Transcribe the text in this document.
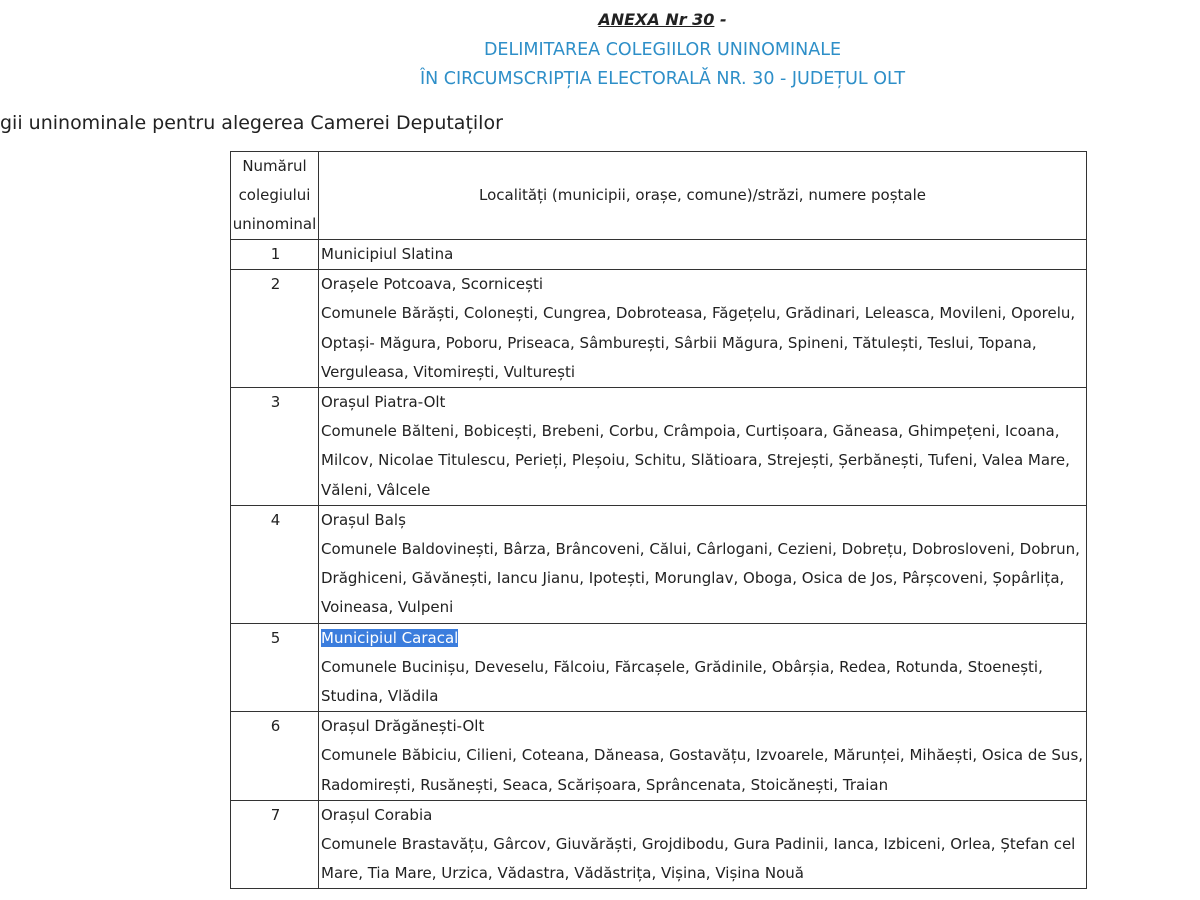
ANEXA Nr 30 -
DELIMITAREA COLEGIILOR UNINOMINALE
ÎN CIRCUMSCRIPȚIA ELECTORALĂ NR. 30 - JUDEȚUL OLT
gii uninominale pentru alegerea Camerei Deputaților
Numărul
colegiului
uninominal	Localități (municipii, orașe, comune)/străzi, numere poștale
1	Municipiul Slatina

2	Orașele Potcoava, Scornicești
Comunele Bărăști, Colonești, Cungrea, Dobroteasa, Făgețelu, Grădinari, Leleasca, Movileni, Oporelu, Optași- Măgura, Poboru, Priseaca, Sâmburești, Sârbii Măgura, Spineni, Tătulești, Teslui, Topana, Verguleasa, Vitomirești, Vulturești
3	Orașul Piatra-Olt
Comunele Bălteni, Bobicești, Brebeni, Corbu, Crâmpoia, Curtișoara, Găneasa, Ghimpețeni, Icoana, Milcov, Nicolae Titulescu, Perieți, Pleșoiu, Schitu, Slătioara, Strejești, Șerbănești, Tufeni, Valea Mare, Văleni, Vâlcele
4	Orașul Balș
Comunele Baldovinești, Bârza, Brâncoveni, Călui, Cârlogani, Cezieni, Dobrețu, Dobrosloveni, Dobrun, Drăghiceni, Găvănești, Iancu Jianu, Ipotești, Morunglav, Oboga, Osica de Jos, Pârșcoveni, Șopârlița, Voineasa, Vulpeni
5	Municipiul Caracal
Comunele Bucinișu, Deveselu, Fălcoiu, Fărcașele, Grădinile, Obârșia, Redea, Rotunda, Stoenești, Studina, Vlădila
6	Orașul Drăgănești-Olt
Comunele Băbiciu, Cilieni, Coteana, Dăneasa, Gostavățu, Izvoarele, Mărunței, Mihăești, Osica de Sus, Radomirești, Rusănești, Seaca, Scărișoara, Sprâncenata, Stoicănești, Traian
7	Orașul Corabia
Comunele Brastavățu, Gârcov, Giuvărăști, Grojdibodu, Gura Padinii, Ianca, Izbiceni, Orlea, Ștefan cel Mare, Tia Mare, Urzica, Vădastra, Vădăstrița, Vișina, Vișina Nouă
